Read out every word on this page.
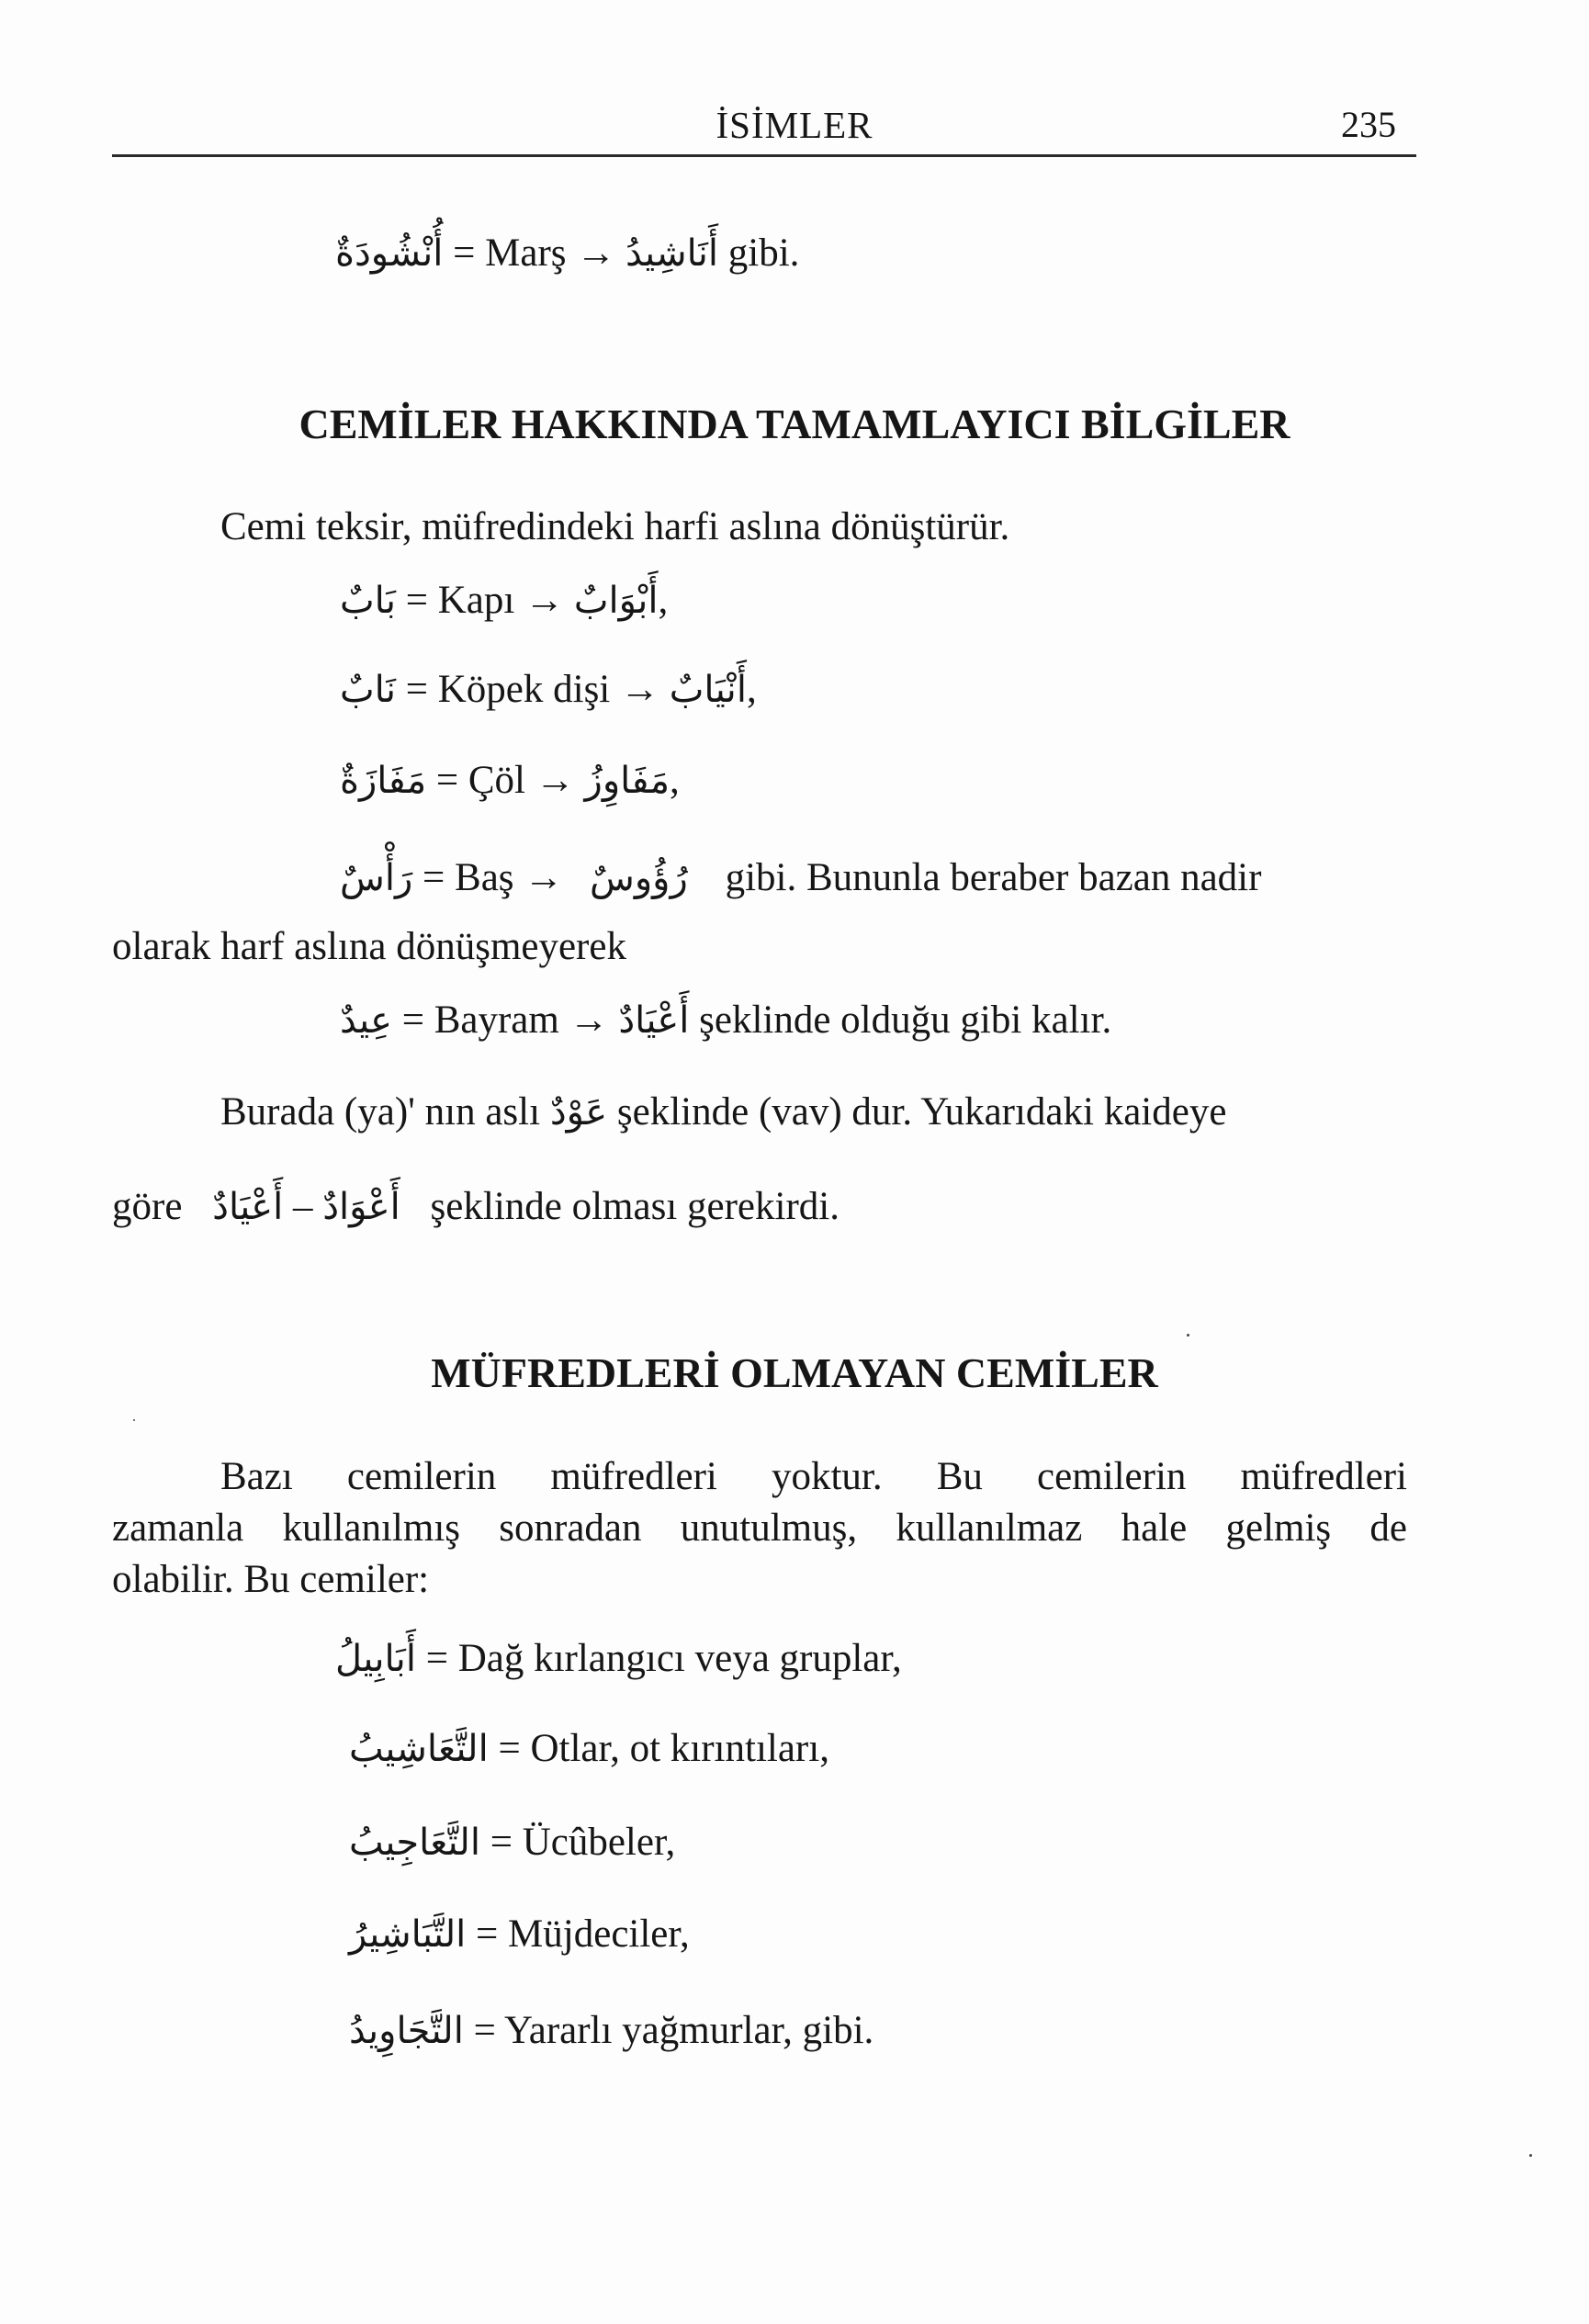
İSİMLER	235
أُنْشُودَةٌ = Marş → أَنَاشِيدُ gibi.
CEMİLER HAKKINDA TAMAMLAYICI BİLGİLER
Cemi teksir, müfredindeki harfi aslına dönüştürür.
بَابٌ = Kapı → أَبْوَابٌ,
نَابٌ = Köpek dişi → أَنْيَابٌ,
مَفَازَةٌ = Çöl → مَفَاوِزُ,
رَأْسٌ = Baş → رُؤُوسٌ gibi. Bununla beraber bazan nadir
olarak harf aslına dönüşmeyerek
عِيدٌ = Bayram → أَعْيَادٌ şeklinde olduğu gibi kalır.
Burada (ya)' nın aslı عَوْدٌ şeklinde (vav) dur. Yukarıdaki kaideye
göre أَعْيَادٌ – أَعْوَادٌ şeklinde olması gerekirdi.
MÜFREDLERİ OLMAYAN CEMİLER
Bazı cemilerin müfredleri yoktur. Bu cemilerin müfredleri
zamanla kullanılmış sonradan unutulmuş, kullanılmaz hale gelmiş de
olabilir. Bu cemiler:
أَبَابِيلُ = Dağ kırlangıcı veya gruplar,
التَّعَاشِيبُ = Otlar, ot kırıntıları,
التَّعَاجِيبُ = Ücûbeler,
التَّبَاشِيرُ = Müjdeciler,
التَّجَاوِيدُ = Yararlı yağmurlar, gibi.
